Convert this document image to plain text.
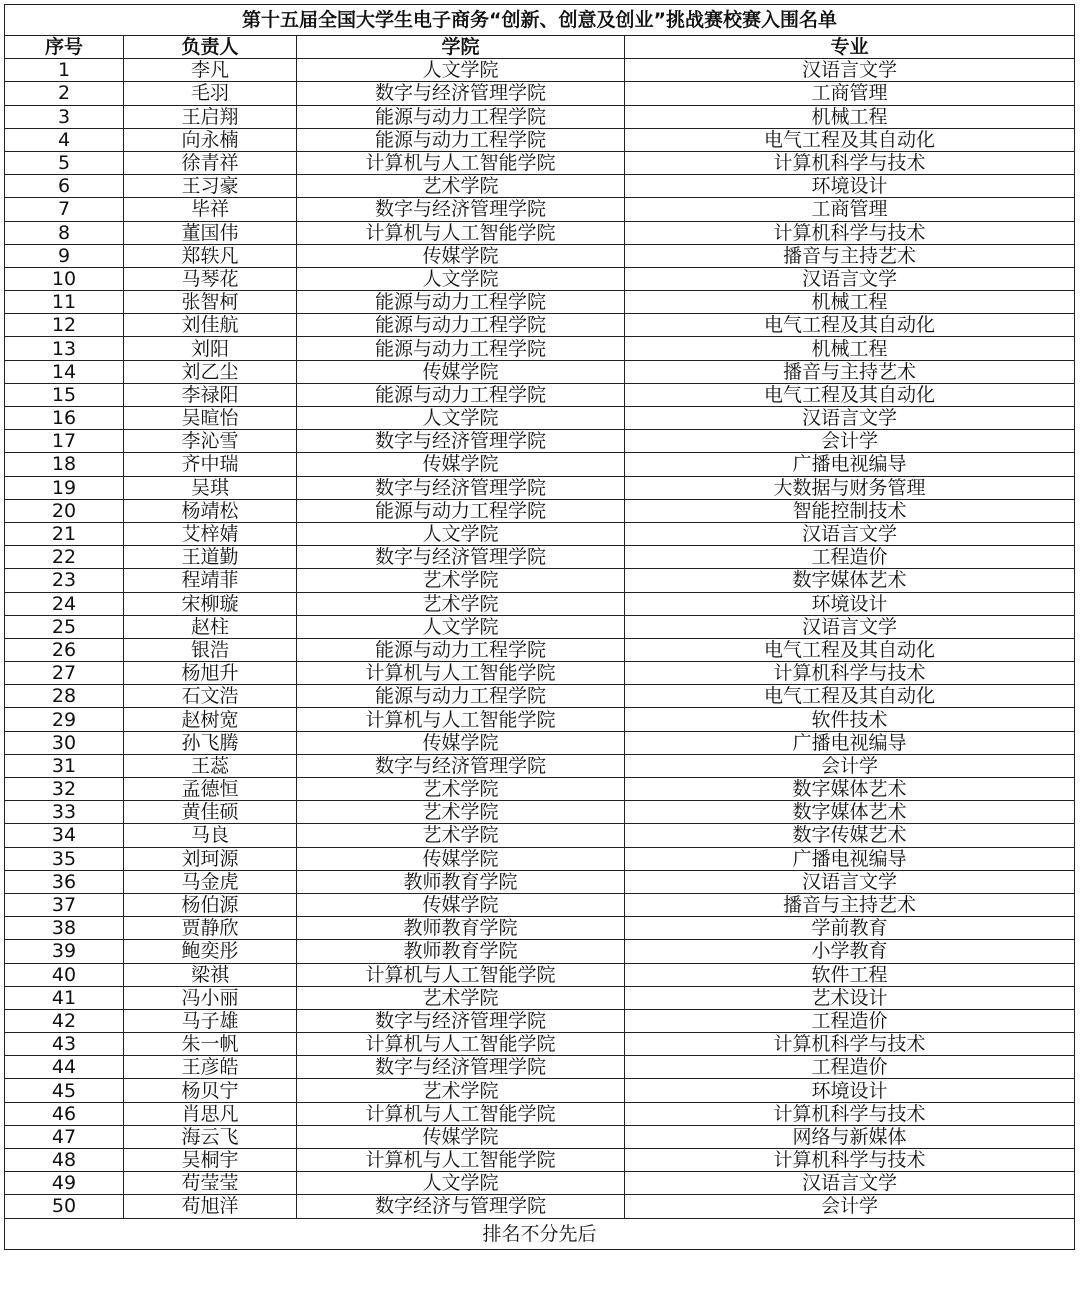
第十五届全国大学生电子商务“创新、创意及创业”挑战赛校赛入围名单			
序号	负责人	学院	专业
1	李凡	人文学院	汉语言文学
2	毛羽	数字与经济管理学院	工商管理
3	王启翔	能源与动力工程学院	机械工程
4	向永楠	能源与动力工程学院	电气工程及其自动化
5	徐青祥	计算机与人工智能学院	计算机科学与技术
6	王习豪	艺术学院	环境设计
7	毕祥	数字与经济管理学院	工商管理
8	董国伟	计算机与人工智能学院	计算机科学与技术
9	郑轶凡	传媒学院	播音与主持艺术
10	马琴花	人文学院	汉语言文学
11	张智柯	能源与动力工程学院	机械工程
12	刘佳航	能源与动力工程学院	电气工程及其自动化
13	刘阳	能源与动力工程学院	机械工程
14	刘乙尘	传媒学院	播音与主持艺术
15	李禄阳	能源与动力工程学院	电气工程及其自动化
16	吴暄怡	人文学院	汉语言文学
17	李沁雪	数字与经济管理学院	会计学
18	齐中瑞	传媒学院	广播电视编导
19	吴琪	数字与经济管理学院	大数据与财务管理
20	杨靖松	能源与动力工程学院	智能控制技术
21	艾梓婧	人文学院	汉语言文学
22	王道勤	数字与经济管理学院	工程造价
23	程靖菲	艺术学院	数字媒体艺术
24	宋柳璇	艺术学院	环境设计
25	赵柱	人文学院	汉语言文学
26	银浩	能源与动力工程学院	电气工程及其自动化
27	杨旭升	计算机与人工智能学院	计算机科学与技术
28	石文浩	能源与动力工程学院	电气工程及其自动化
29	赵树宽	计算机与人工智能学院	软件技术
30	孙飞腾	传媒学院	广播电视编导
31	王蕊	数字与经济管理学院	会计学
32	孟德恒	艺术学院	数字媒体艺术
33	黄佳硕	艺术学院	数字媒体艺术
34	马良	艺术学院	数字传媒艺术
35	刘珂源	传媒学院	广播电视编导
36	马金虎	教师教育学院	汉语言文学
37	杨伯源	传媒学院	播音与主持艺术
38	贾静欣	教师教育学院	学前教育
39	鲍奕彤	教师教育学院	小学教育
40	梁祺	计算机与人工智能学院	软件工程
41	冯小丽	艺术学院	艺术设计
42	马子雄	数字与经济管理学院	工程造价
43	朱一帆	计算机与人工智能学院	计算机科学与技术
44	王彦皓	数字与经济管理学院	工程造价
45	杨贝宁	艺术学院	环境设计
46	肖思凡	计算机与人工智能学院	计算机科学与技术
47	海云飞	传媒学院	网络与新媒体
48	吴桐宇	计算机与人工智能学院	计算机科学与技术
49	苟莹莹	人文学院	汉语言文学
50	苟旭洋	数字经济与管理学院	会计学
排名不分先后			
